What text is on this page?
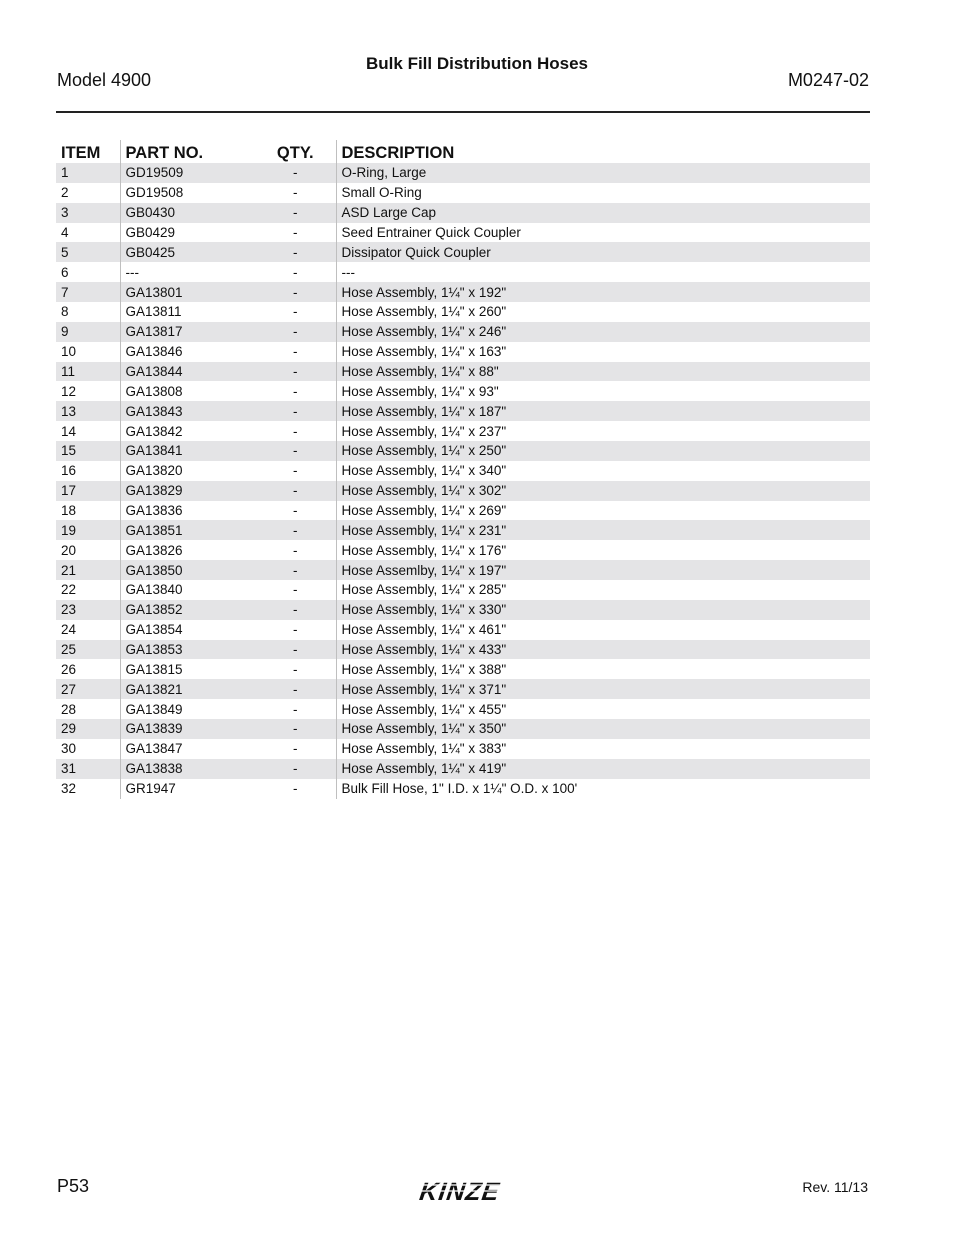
Model 4900
Bulk Fill Distribution Hoses
M0247-02
ITEM	PART NO.	QTY.	DESCRIPTION
1	GD19509	-	O-Ring, Large
2	GD19508	-	Small O-Ring
3	GB0430	-	ASD Large Cap
4	GB0429	-	Seed Entrainer Quick Coupler
5	GB0425	-	Dissipator Quick Coupler
6	---	-	---
7	GA13801	-	Hose Assembly, 1¼" x 192"
8	GA13811	-	Hose Assembly, 1¼" x 260"
9	GA13817	-	Hose Assembly, 1¼" x 246"
10	GA13846	-	Hose Assembly, 1¼" x 163"
11	GA13844	-	Hose Assembly, 1¼" x 88"
12	GA13808	-	Hose Assembly, 1¼" x 93"
13	GA13843	-	Hose Assembly, 1¼" x 187"
14	GA13842	-	Hose Assembly, 1¼" x 237"
15	GA13841	-	Hose Assembly, 1¼" x 250"
16	GA13820	-	Hose Assembly, 1¼" x 340"
17	GA13829	-	Hose Assembly, 1¼" x 302"
18	GA13836	-	Hose Assembly, 1¼" x 269"
19	GA13851	-	Hose Assembly, 1¼" x 231"
20	GA13826	-	Hose Assembly, 1¼" x 176"
21	GA13850	-	Hose Assemlby, 1¼" x 197"
22	GA13840	-	Hose Assembly, 1¼" x 285"
23	GA13852	-	Hose Assembly, 1¼" x 330"
24	GA13854	-	Hose Assembly, 1¼" x 461"
25	GA13853	-	Hose Assembly, 1¼" x 433"
26	GA13815	-	Hose Assembly, 1¼" x 388"
27	GA13821	-	Hose Assembly, 1¼" x 371"
28	GA13849	-	Hose Assembly, 1¼" x 455"
29	GA13839	-	Hose Assembly, 1¼" x 350"
30	GA13847	-	Hose Assembly, 1¼" x 383"
31	GA13838	-	Hose Assembly, 1¼" x 419"
32	GR1947	-	Bulk Fill Hose, 1" I.D. x 1¼" O.D. x 100'
P53	KINZE	Rev. 11/13
